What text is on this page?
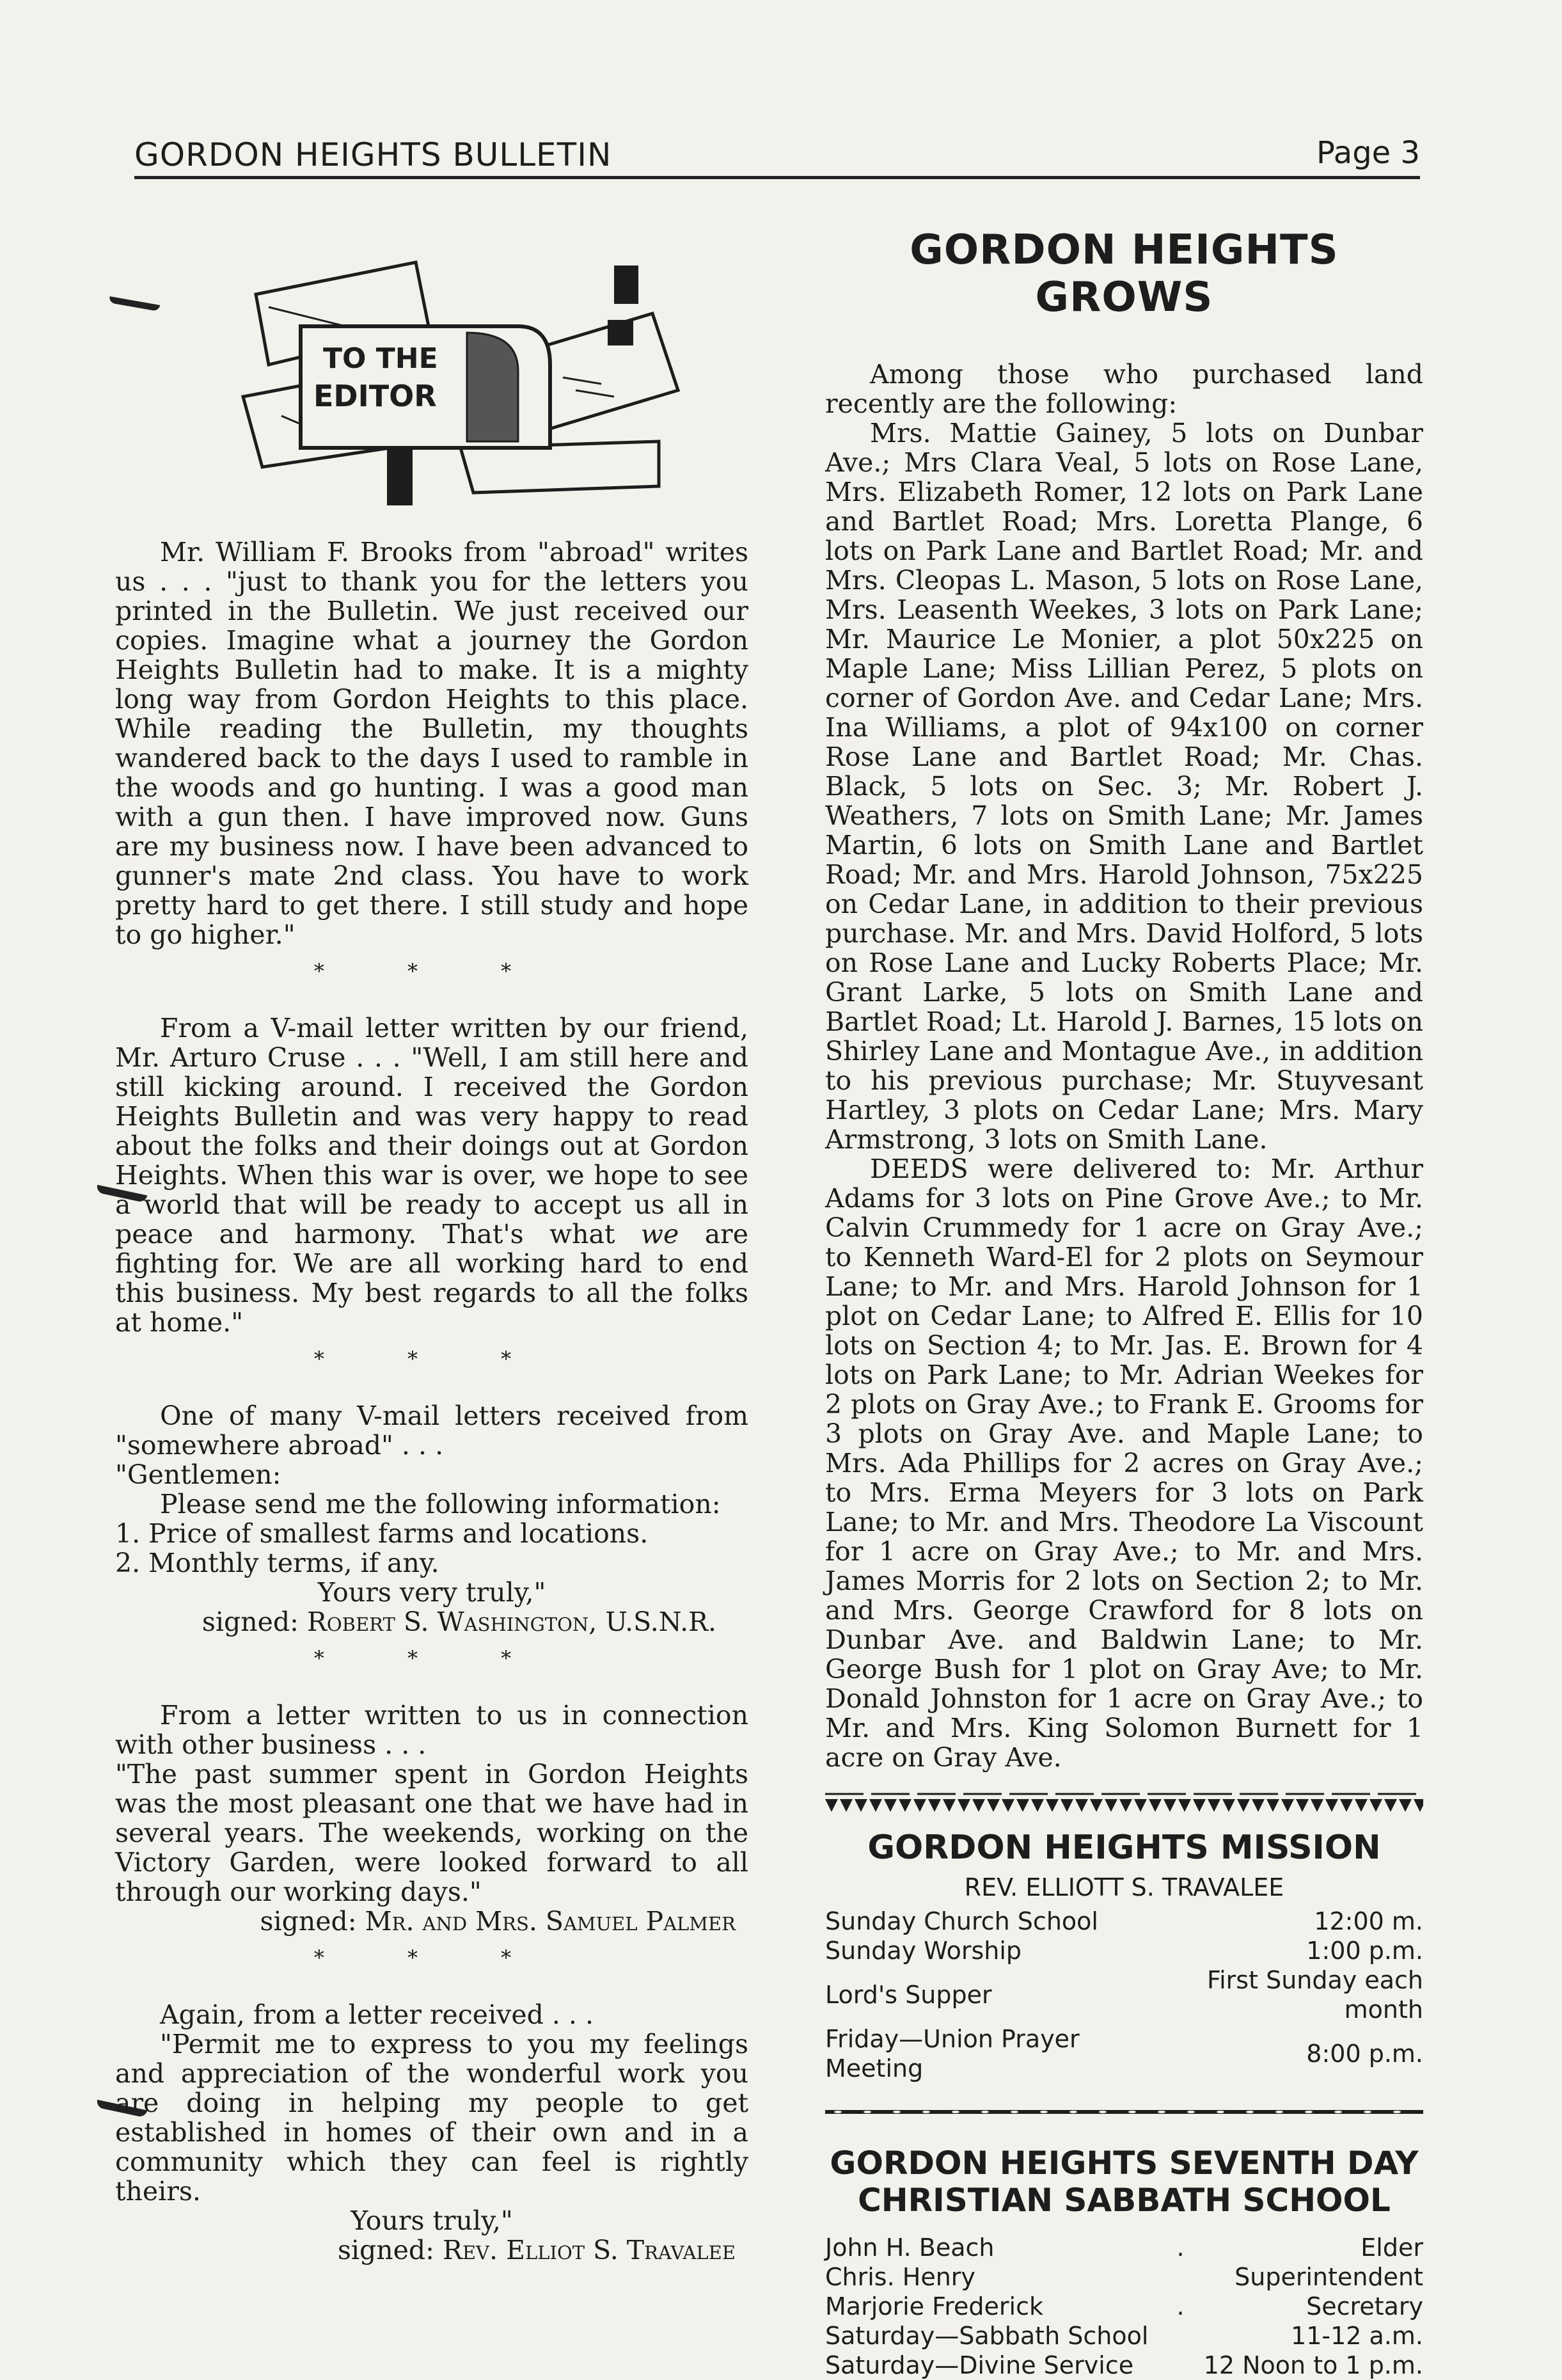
GORDON HEIGHTS BULLETIN	Page 3
TO THE
EDITOR

Mr. William F. Brooks from "abroad" writes us . . . "just to thank you for the letters you printed in the Bulletin. We just received our copies. Imagine what a journey the Gordon Heights Bulletin had to make. It is a mighty long way from Gordon Heights to this place. While reading the Bulletin, my thoughts wandered back to the days I used to ramble in the woods and go hunting. I was a good man with a gun then. I have improved now. Guns are my business now. I have been advanced to gunner's mate 2nd class. You have to work pretty hard to get there. I still study and hope to go higher."

* * *

From a V-mail letter written by our friend, Mr. Arturo Cruse . . . "Well, I am still here and still kicking around. I received the Gordon Heights Bulletin and was very happy to read about the folks and their doings out at Gordon Heights. When this war is over, we hope to see a world that will be ready to accept us all in peace and harmony. That's what we are fighting for. We are all working hard to end this business. My best regards to all the folks at home."

* * *

One of many V-mail letters received from "somewhere abroad" . . .

"Gentlemen:
Please send me the following information:
1. Price of smallest farms and locations.
2. Monthly terms, if any.
Yours very truly,"
signed: Robert S. Washington, U.S.N.R.
* * *

From a letter written to us in connection with other business . . .

"The past summer spent in Gordon Heights was the most pleasant one that we have had in several years. The weekends, working on the Victory Garden, were looked forward to all through our working days."

signed: Mr. and Mrs. Samuel Palmer
* * *

Again, from a letter received . . .

"Permit me to express to you my feelings and appreciation of the wonderful work you are doing in helping my people to get established in homes of their own and in a community which they can feel is rightly theirs.

Yours truly,"
signed: Rev. Elliot S. Travalee
GORDON HEIGHTS GROWS

Among those who purchased land recently are the following:

Mrs. Mattie Gainey, 5 lots on Dunbar Ave.; Mrs Clara Veal, 5 lots on Rose Lane, Mrs. Elizabeth Romer, 12 lots on Park Lane and Bartlet Road; Mrs. Loretta Plange, 6 lots on Park Lane and Bartlet Road; Mr. and Mrs. Cleopas L. Mason, 5 lots on Rose Lane, Mrs. Leasenth Weekes, 3 lots on Park Lane; Mr. Maurice Le Monier, a plot 50x225 on Maple Lane; Miss Lillian Perez, 5 plots on corner of Gordon Ave. and Cedar Lane; Mrs. Ina Williams, a plot of 94x100 on corner Rose Lane and Bartlet Road; Mr. Chas. Black, 5 lots on Sec. 3; Mr. Robert J. Weathers, 7 lots on Smith Lane; Mr. James Martin, 6 lots on Smith Lane and Bartlet Road; Mr. and Mrs. Harold Johnson, 75x225 on Cedar Lane, in addition to their previous purchase. Mr. and Mrs. David Holford, 5 lots on Rose Lane and Lucky Roberts Place; Mr. Grant Larke, 5 lots on Smith Lane and Bartlet Road; Lt. Harold J. Barnes, 15 lots on Shirley Lane and Montague Ave., in addition to his previous purchase; Mr. Stuyvesant Hartley, 3 plots on Cedar Lane; Mrs. Mary Armstrong, 3 lots on Smith Lane.

DEEDS were delivered to: Mr. Arthur Adams for 3 lots on Pine Grove Ave.; to Mr. Calvin Crummedy for 1 acre on Gray Ave.; to Kenneth Ward-El for 2 plots on Seymour Lane; to Mr. and Mrs. Harold Johnson for 1 plot on Cedar Lane; to Alfred E. Ellis for 10 lots on Section 4; to Mr. Jas. E. Brown for 4 lots on Park Lane; to Mr. Adrian Weekes for 2 plots on Gray Ave.; to Frank E. Grooms for 3 plots on Gray Ave. and Maple Lane; to Mrs. Ada Phillips for 2 acres on Gray Ave.; to Mrs. Erma Meyers for 3 lots on Park Lane; to Mr. and Mrs. Theodore La Viscount for 1 acre on Gray Ave.; to Mr. and Mrs. James Morris for 2 lots on Section 2; to Mr. and Mrs. George Crawford for 8 lots on Dunbar Ave. and Baldwin Lane; to Mr. George Bush for 1 plot on Gray Ave; to Mr. Donald Johnston for 1 acre on Gray Ave.; to Mr. and Mrs. King Solomon Burnett for 1 acre on Gray Ave.

GORDON HEIGHTS MISSION
REV. ELLIOTT S. TRAVALEE
Sunday Church School	12:00 m.
Sunday Worship	1:00 p.m.
Lord's Supper	First Sunday each month
Friday—Union Prayer Meeting	8:00 p.m.
GORDON HEIGHTS SEVENTH DAY
CHRISTIAN SABBATH SCHOOL
John H. Beach	.	Elder
Chris. Henry		Superintendent
Marjorie Frederick	.	Secretary
Saturday—Sabbath School		11-12 a.m.
Saturday—Divine Service		12 Noon to 1 p.m.
